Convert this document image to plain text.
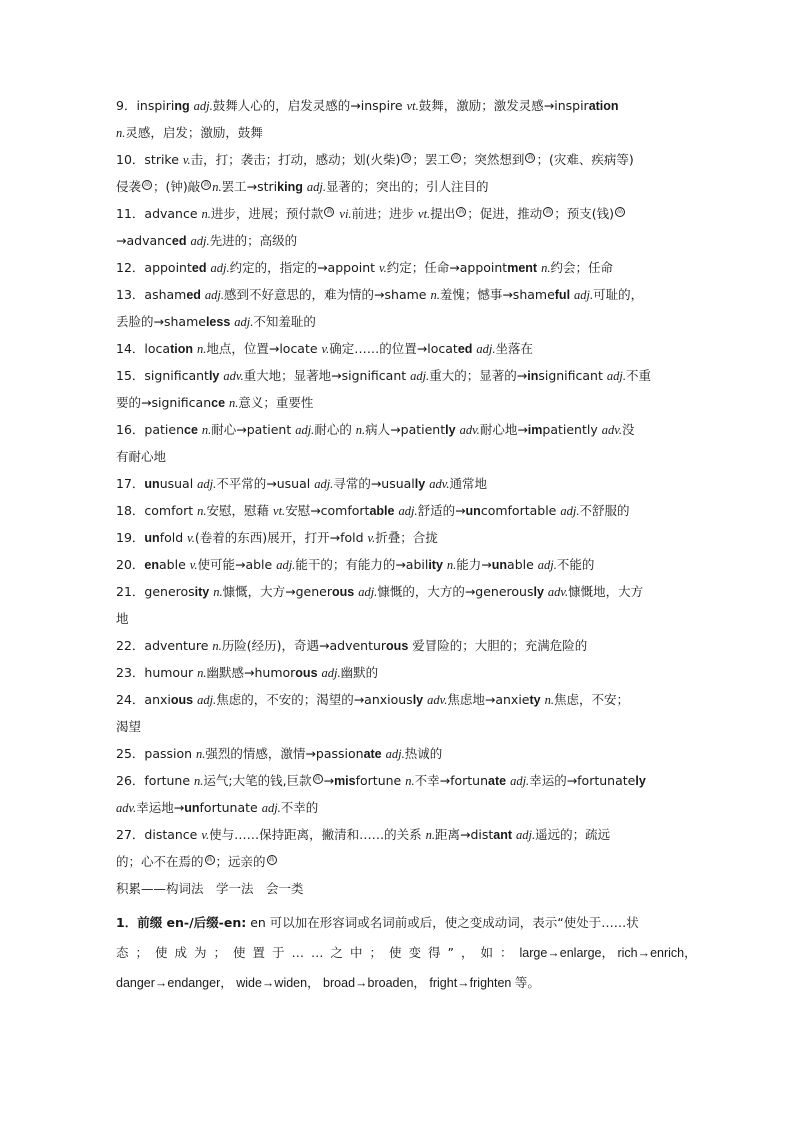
9．inspiring adj.鼓舞人心的，启发灵感的→inspire vt.鼓舞，激励；激发灵感→inspiration
n.灵感，启发；激励，鼓舞
10．strike v.击，打；袭击；打动，感动；划(火柴) 高 ；罢工 高 ；突然想到 高 ；(灾难、疾病等)
侵袭 高 ；(钟)敲 高 n.罢工→striking adj.显著的；突出的；引人注目的
11．advance n.进步，进展；预付款 高 vi.前进；进步 vt.提出 高 ；促进，推动 高 ；预支(钱) 高
→advanced adj.先进的；高级的
12．appointed adj.约定的，指定的→appoint v.约定；任命→appointment n.约会；任命
13．ashamed adj.感到不好意思的，难为情的→shame n.羞愧；憾事→shameful adj.可耻的，
丢脸的→shameless adj.不知羞耻的
14．location n.地点，位置→locate v.确定……的位置→located adj.坐落在
15．significantly adv.重大地；显著地→significant adj.重大的；显著的→insignificant adj.不重
要的→significance n.意义；重要性
16．patience n.耐心→patient adj.耐心的 n.病人→patiently adv.耐心地→impatiently adv.没
有耐心地
17．unusual adj.不平常的→usual adj.寻常的→usually adv.通常地
18．comfort n.安慰，慰藉 vt.安慰→comfortable adj.舒适的→uncomfortable adj.不舒服的
19．unfold v.(卷着的东西)展开，打开→fold v.折叠；合拢
20．enable v.使可能→able adj.能干的；有能力的→ability n.能力→unable adj.不能的
21．generosity n.慷慨，大方→generous adj.慷慨的，大方的→generously adv.慷慨地，大方
地
22．adventure n.历险(经历)，奇遇→adventurous 爱冒险的；大胆的；充满危险的
23．humour n.幽默感→humorous adj.幽默的
24．anxious adj.焦虑的，不安的；渴望的→anxiously adv.焦虑地→anxiety n.焦虑，不安；
渴望
25．passion n.强烈的情感，激情→passionate adj.热诚的
26．fortune n.运气;大笔的钱,巨款 高 →misfortune n.不幸→fortunate adj.幸运的→fortunately
adv.幸运地→unfortunate adj.不幸的
27．distance v.使与……保持距离，撇清和……的关系 n.距离→distant adj.遥远的；疏远
的；心不在焉的 高 ；远亲的 高
积累——构词法　学一法　会一类
1．前缀 en-/后缀-en: en 可以加在形容词或名词前或后，使之变成动词，表示“使处于……状
态；使成为；使置于……之中；使变得”，如：large→enlarge， rich→enrich，
danger→endanger， wide→widen， broad→broaden， fright→frighten 等。
